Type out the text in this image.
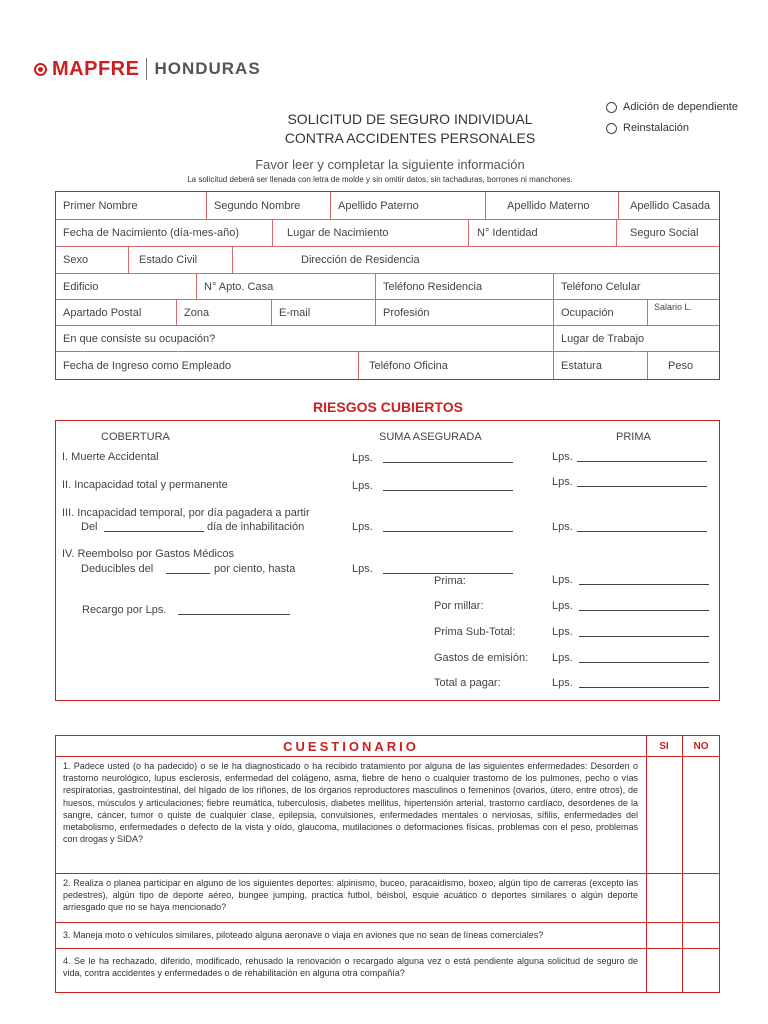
MAPFRE HONDURAS
SOLICITUD DE SEGURO INDIVIDUAL
CONTRA ACCIDENTES PERSONALES
Adición de dependiente
Reinstalación
Favor leer y completar la siguiente información
La solicitud deberá ser llenada con letra de molde y sin omitir datos, sin tachaduras, borrones ni manchones.
Primer Nombre	Segundo Nombre	Apellido Paterno	Apellido Materno	Apellido Casada
Fecha de Nacimiento (día-mes-año)	Lugar de Nacimiento	N° Identidad	Seguro Social
Sexo	Estado Civil	Dirección de Residencia
Edificio	N° Apto. Casa	Teléfono Residencia	Teléfono Celular
Apartado Postal	Zona	E-mail	Profesión	Ocupación	Salario L.
En que consiste su ocupación?	Lugar de Trabajo
Fecha de Ingreso como Empleado	Teléfono Oficina	Estatura	Peso
RIESGOS CUBIERTOS
COBERTURA	SUMA ASEGURADA	PRIMA
I. Muerte Accidental	Lps.	Lps.
II. Incapacidad total y permanente	Lps.	Lps.
III. Incapacidad temporal, por día pagadera a partir
Del	día de inhabilitación	Lps.	Lps.
IV. Reembolso por Gastos Médicos
Deducibles del	por ciento, hasta	Lps.
Prima:	Lps.
Recargo por Lps.	Por millar:	Lps.
Prima Sub-Total:	Lps.
Gastos de emisión: Lps.
Total a pagar:	Lps.
CUESTIONARIO	SI	NO
1. Padece usted (o ha padecido) o se le ha diagnosticado o ha recibido tratamiento por alguna de las siguientes enfermedades: Desorden o trastorno neurológico, lupus esclerosis, enfermedad del colágeno, asma, fiebre de heno o cualquier trastorno de los pulmones, pecho o vías respiratorias, gastrointestinal, del hígado de los riñones, de los órganos reproductores masculinos o femeninos (ovarios, útero, entre otros), de huesos, músculos y articulaciones; fiebre reumática, tuberculosis, diabetes mellitus, hipertensión arterial, trastorno cardíaco, desordenes de la sangre, cáncer, tumor o quiste de cualquier clase, epilepsia, convulsiones, enfermedades mentales o nerviosas, sífilis, enfermedades del metabolismo, enfermedades o defecto de la vista y oído, glaucoma, mutilaciones o deformaciones físicas, problemas con el peso, problemas con drogas y SIDA?
2. Realiza o planea participar en alguno de los siguientes deportes: alpinismo, buceo, paracaidismo, boxeo, algún tipo de carreras (excepto las pedestres), algún tipo de deporte aéreo, bungee jumping, practica futbol, béisbol, esquie acuático o deportes similares o algún deporte arriesgado que no se haya mencionado?
3. Maneja moto o vehículos similares, piloteado alguna aeronave o viaja en aviones que no sean de líneas comerciales?
4. Se le ha rechazado, diferido, modificado, rehusado la renovación o recargado alguna vez o está pendiente alguna solicitud de seguro de vida, contra accidentes y enfermedades o de rehabilitación en alguna otra compañía?
